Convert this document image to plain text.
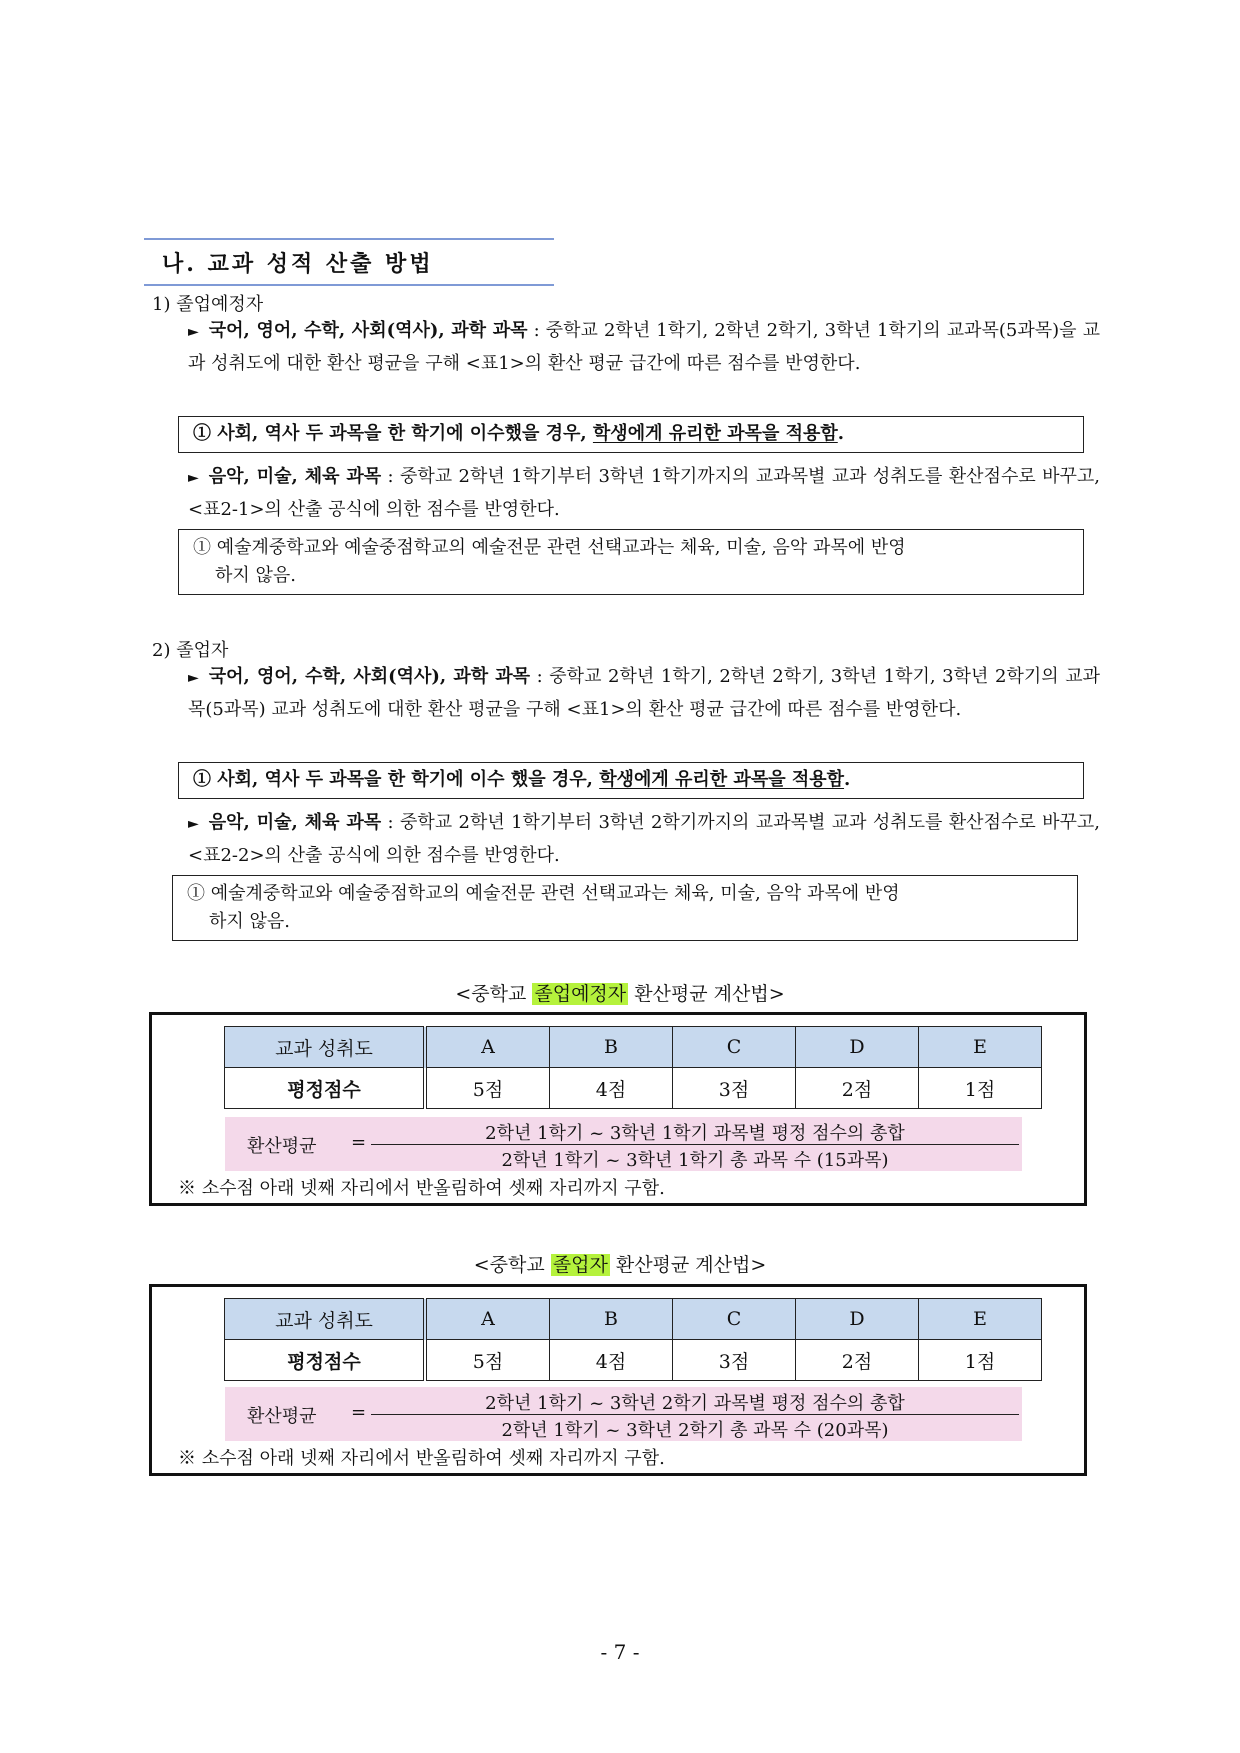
나. 교과 성적 산출 방법
1) 졸업예정자
► 국어, 영어, 수학, 사회(역사), 과학 과목 : 중학교 2학년 1학기, 2학년 2학기, 3학년 1학기의 교과목(5과목)을 교과 성취도에 대한 환산 평균을 구해 <표1>의 환산 평균 급간에 따른 점수를 반영한다.
① 사회, 역사 두 과목을 한 학기에 이수했을 경우, 학생에게 유리한 과목을 적용함.
► 음악, 미술, 체육 과목 : 중학교 2학년 1학기부터 3학년 1학기까지의 교과목별 교과 성취도를 환산점수로 바꾸고, <표2-1>의 산출 공식에 의한 점수를 반영한다.
① 예술계중학교와 예술중점학교의 예술전문 관련 선택교과는 체육, 미술, 음악 과목에 반영
하지 않음.
2) 졸업자
► 국어, 영어, 수학, 사회(역사), 과학 과목 : 중학교 2학년 1학기, 2학년 2학기, 3학년 1학기, 3학년 2학기의 교과목(5과목) 교과 성취도에 대한 환산 평균을 구해 <표1>의 환산 평균 급간에 따른 점수를 반영한다.
① 사회, 역사 두 과목을 한 학기에 이수 했을 경우, 학생에게 유리한 과목을 적용함.
► 음악, 미술, 체육 과목 : 중학교 2학년 1학기부터 3학년 2학기까지의 교과목별 교과 성취도를 환산점수로 바꾸고, <표2-2>의 산출 공식에 의한 점수를 반영한다.
① 예술계중학교와 예술중점학교의 예술전문 관련 선택교과는 체육, 미술, 음악 과목에 반영
하지 않음.
<중학교 졸업예정자 환산평균 계산법>
교과 성취도	A	B	C	D	E
평정점수	5점	4점	3점	2점	1점
환산평균 =	2학년 1학기 ~ 3학년 1학기 과목별 평정 점수의 총합
2학년 1학기 ~ 3학년 1학기 총 과목 수 (15과목)
※ 소수점 아래 넷째 자리에서 반올림하여 셋째 자리까지 구함.
<중학교 졸업자 환산평균 계산법>
교과 성취도	A	B	C	D	E
평정점수	5점	4점	3점	2점	1점
환산평균 =	2학년 1학기 ~ 3학년 2학기 과목별 평정 점수의 총합
2학년 1학기 ~ 3학년 2학기 총 과목 수 (20과목)
※ 소수점 아래 넷째 자리에서 반올림하여 셋째 자리까지 구함.
- 7 -
